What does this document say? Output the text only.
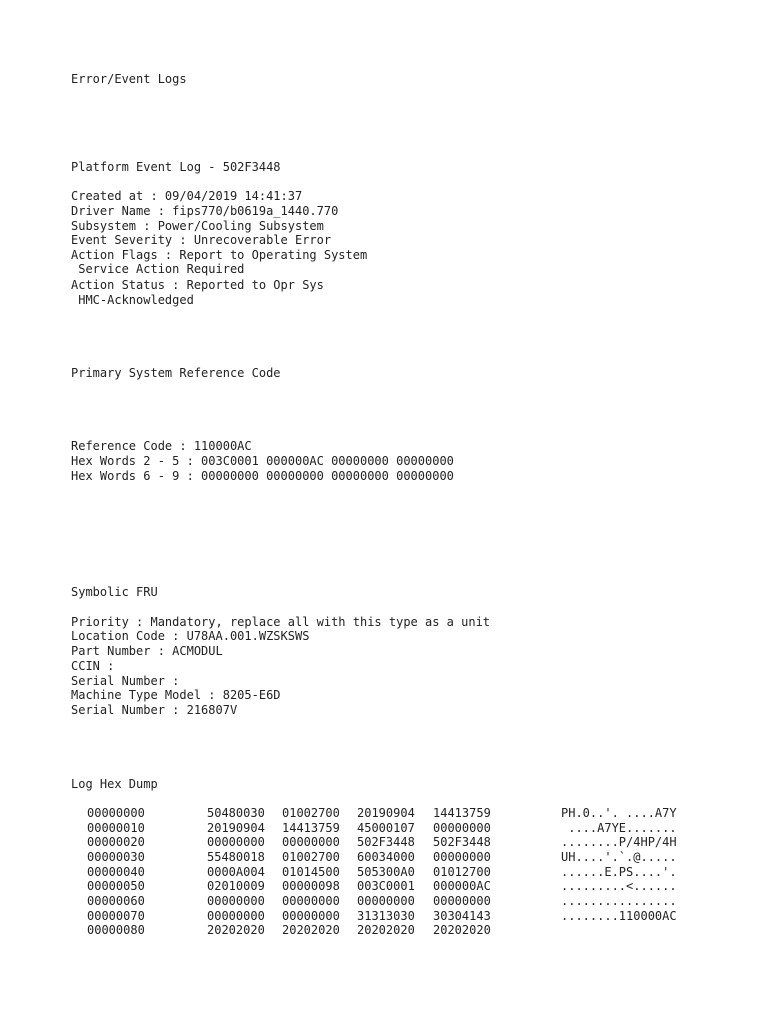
Error/Event Logs
Platform Event Log - 502F3448
Created at : 09/04/2019 14:41:37
Driver Name : fips770/b0619a_1440.770
Subsystem : Power/Cooling Subsystem
Event Severity : Unrecoverable Error
Action Flags : Report to Operating System
Service Action Required
Action Status : Reported to Opr Sys
HMC-Acknowledged
Primary System Reference Code
Reference Code : 110000AC
Hex Words 2 - 5 : 003C0001 000000AC 00000000 00000000
Hex Words 6 - 9 : 00000000 00000000 00000000 00000000
Symbolic FRU
Priority : Mandatory, replace all with this type as a unit
Location Code : U78AA.001.WZSKSWS
Part Number : ACMODUL
CCIN :
Serial Number :
Machine Type Model : 8205-E6D
Serial Number : 216807V
Log Hex Dump
00000000	50480030 01002700 20190904 14413759	PH.0..'. ....A7Y
00000010	20190904 14413759 45000107 00000000	....A7YE.......
00000020	00000000 00000000 502F3448 502F3448	........P/4HP/4H
00000030	55480018 01002700 60034000 00000000	UH....'.`.@.....
00000040	0000A004 01014500 505300A0 01012700	......E.PS....'.
00000050	02010009 00000098 003C0001 000000AC	.........<......
00000060	00000000 00000000 00000000 00000000	................
00000070	00000000 00000000 31313030 30304143	........110000AC
00000080	20202020 20202020 20202020 20202020
